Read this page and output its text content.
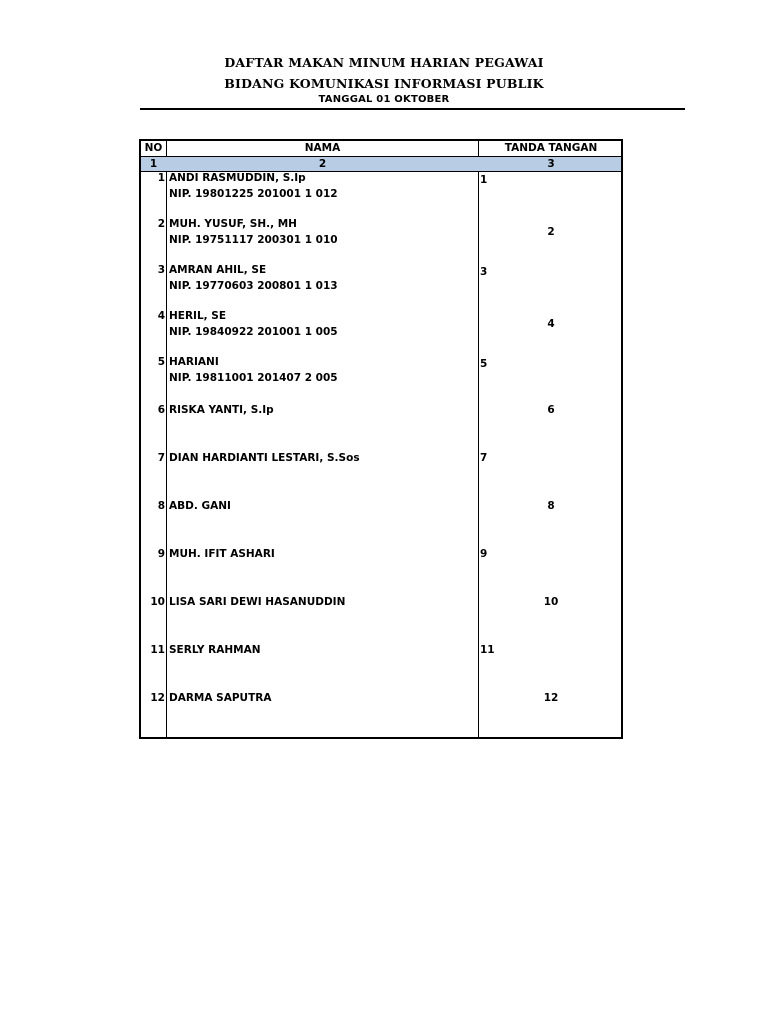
DAFTAR MAKAN MINUM HARIAN PEGAWAI
BIDANG KOMUNIKASI INFORMASI PUBLIK
TANGGAL 01 OKTOBER
NO	NAMA	TANDA TANGAN
1	2	3
1 ANDI RASMUDDIN, S.Ip
NIP. 19801225 201001 1 012
1
2 MUH. YUSUF, SH., MH
NIP. 19751117 200301 1 010
2
3 AMRAN AHIL, SE
NIP. 19770603 200801 1 013
3
4 HERIL, SE
NIP. 19840922 201001 1 005
4
5 HARIANI
NIP. 19811001 201407 2 005
5
6 RISKA YANTI, S.Ip	6
7 DIAN HARDIANTI LESTARI, S.Sos	7
8 ABD. GANI	8
9 MUH. IFIT ASHARI	9
10 LISA SARI DEWI HASANUDDIN	10
11 SERLY RAHMAN	11
12 DARMA SAPUTRA	12
